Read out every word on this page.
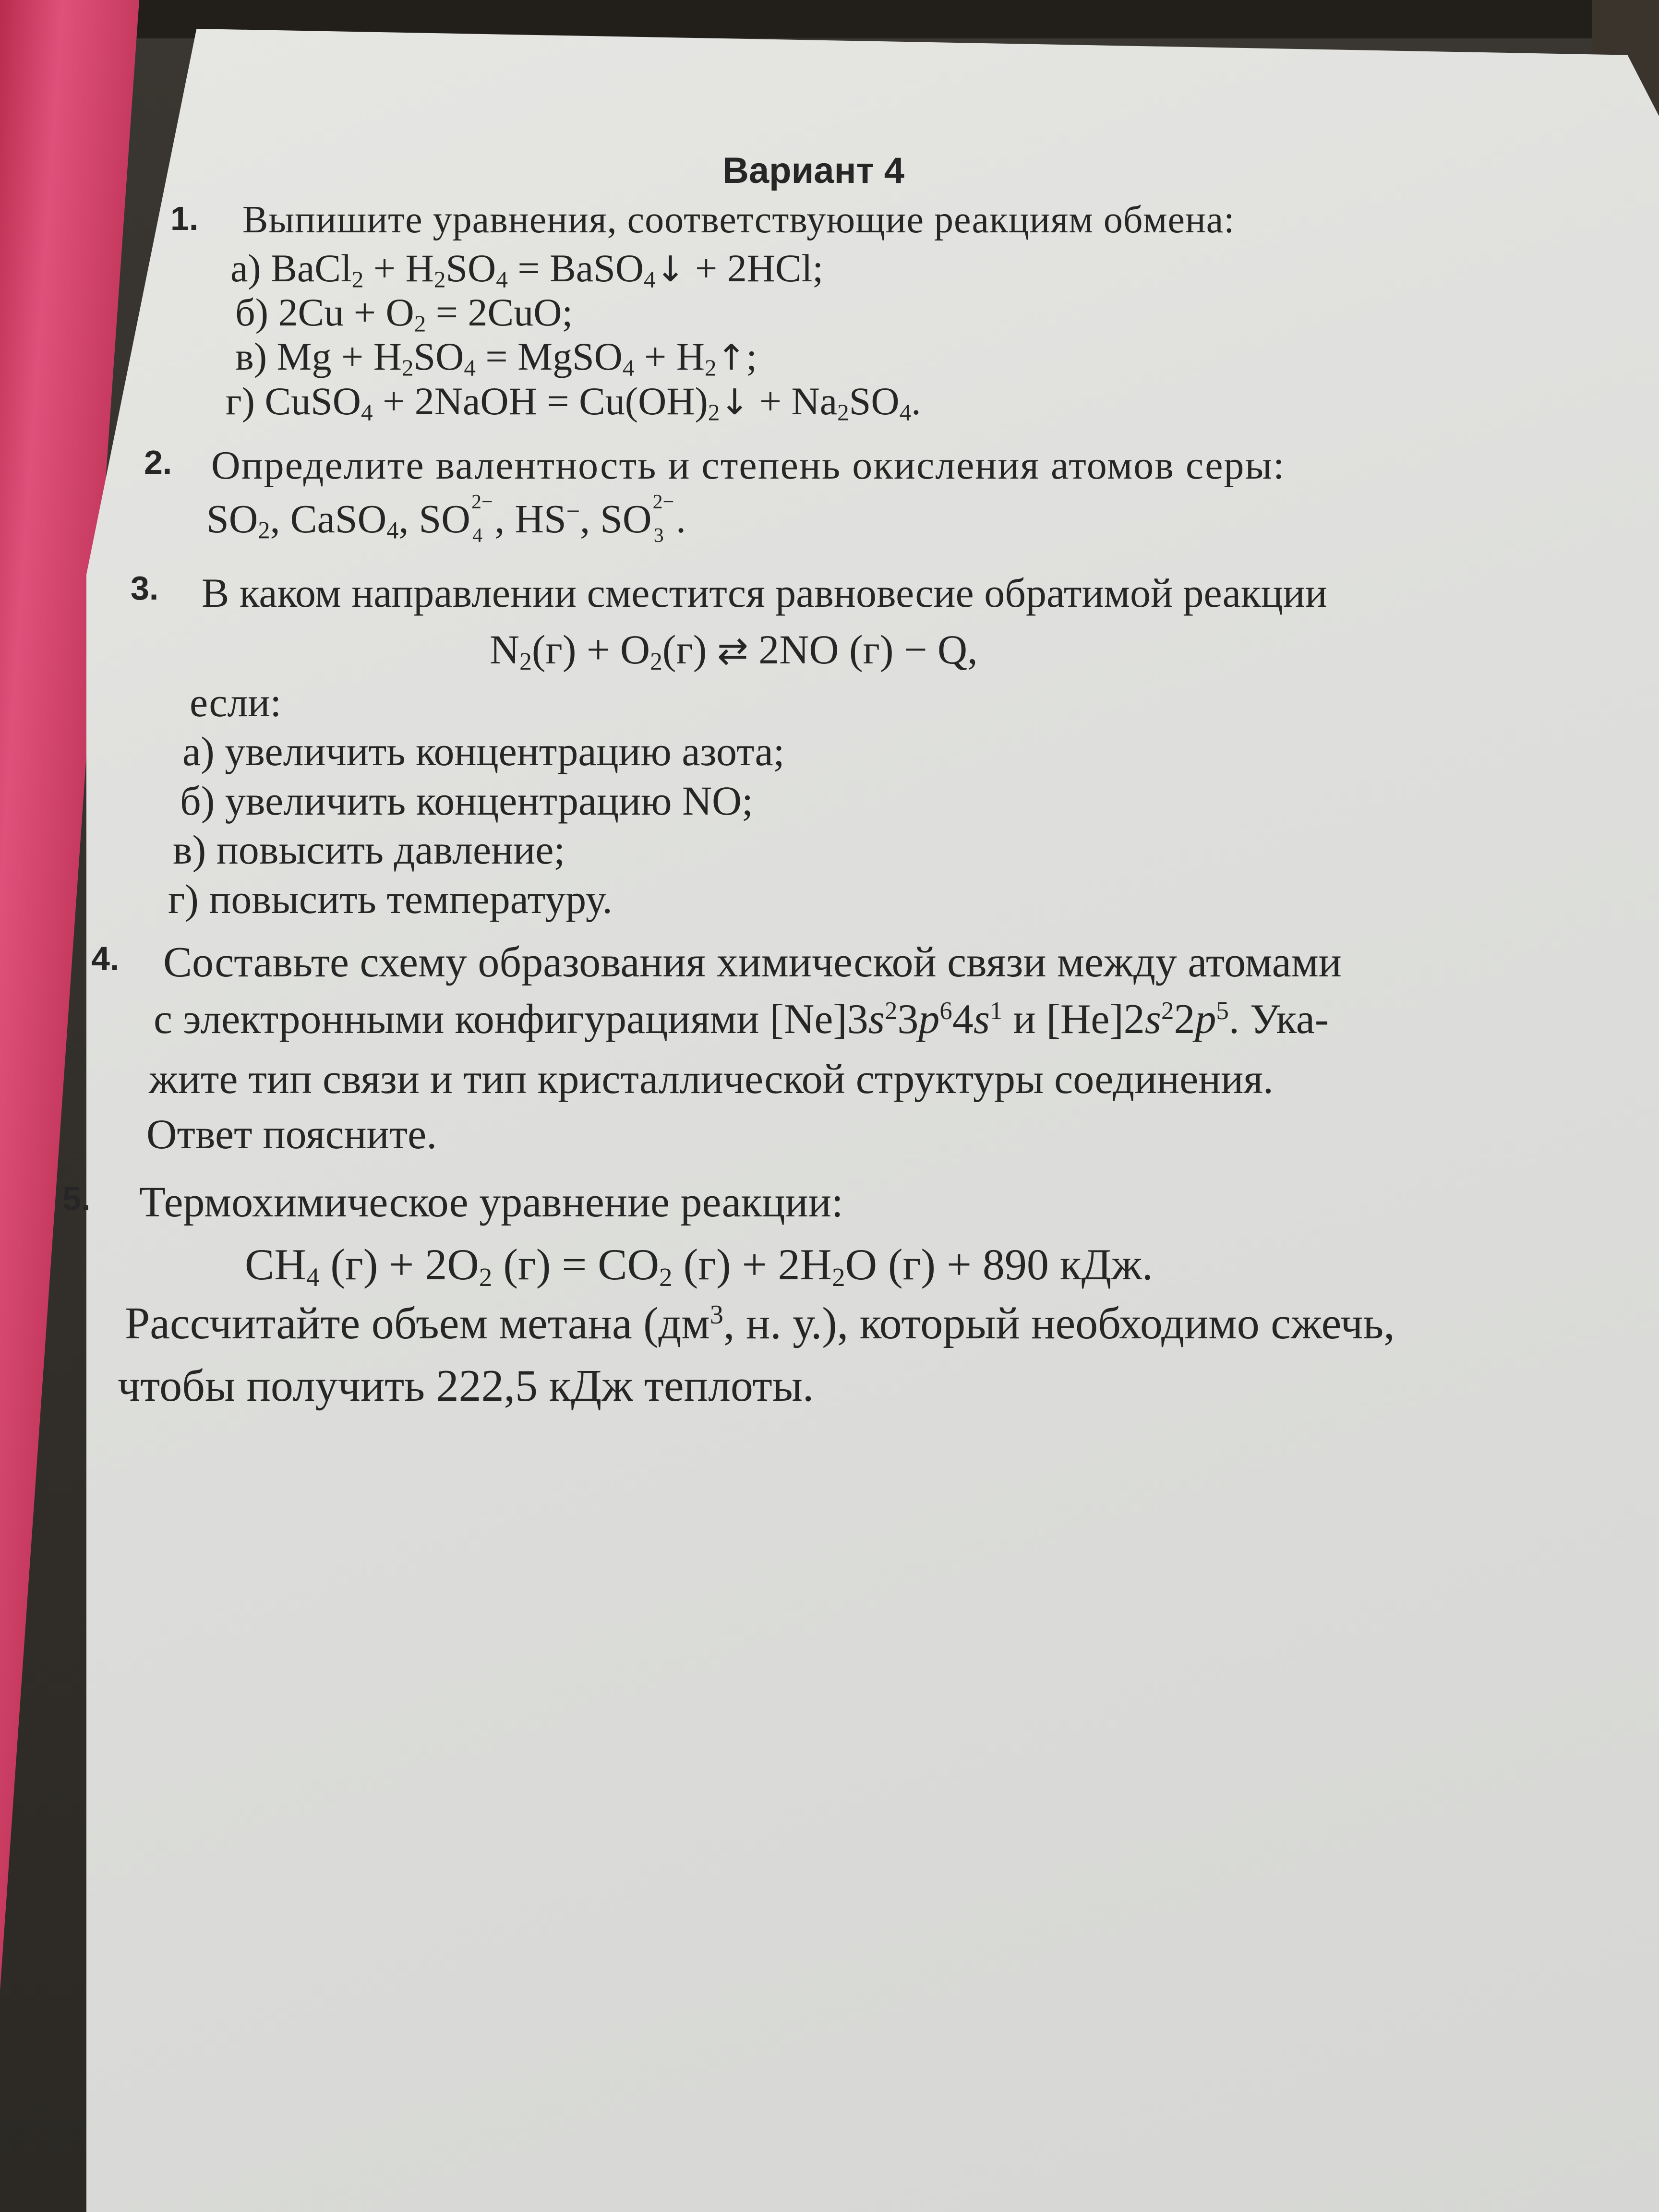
Вариант 4
1. Выпишите уравнения, соответствующие реакциям обмена:
а) BaCl$_2$ + $H_2SO_4$ = BaSO$_4$↓ + 2HCl;
б) $2Cu + O_2 = 2CuO$;
в) $Mg + H_2SO_4$ = MgSO$_4$ + $H_2↑$;
г) CuSO$_4$ + 2NaOH = $Cu(OH)_2↓ + Na_2SO_4$.
2. Определите валентность и степень окисления атомов серы:
$SO_2$, CaSO$_4$, SO    2−
4 , HS−, SO    2−
3 .
3. В каком направлении сместится равновесие обратимой реакции
$N_2(г) + O_2(г)$ ⇄ 2NO (г) − Q,
если:
а) увеличить концентрацию азота;
б) увеличить концентрацию NO;
в) повысить давление;
г) повысить температуру.
4. Составьте схему образования химической связи между атомами
с электронными конфигурациями $[Ne]3s^23p^64s^1$ и $[He]2s^22p^5$. Ука-
жите тип связи и тип кристаллической структуры соединения.
Ответ поясните.
5. Термохимическое уравнение реакции:
$CH_4$ $(г) + 2O_2$ $(г) = CO_2$ $(г) + 2H_2O$ (г) + 890 кДж.
Рассчитайте объем метана ($дм^3$, н. у.), который необходимо сжечь,
чтобы получить 222,5 кДж теплоты.
